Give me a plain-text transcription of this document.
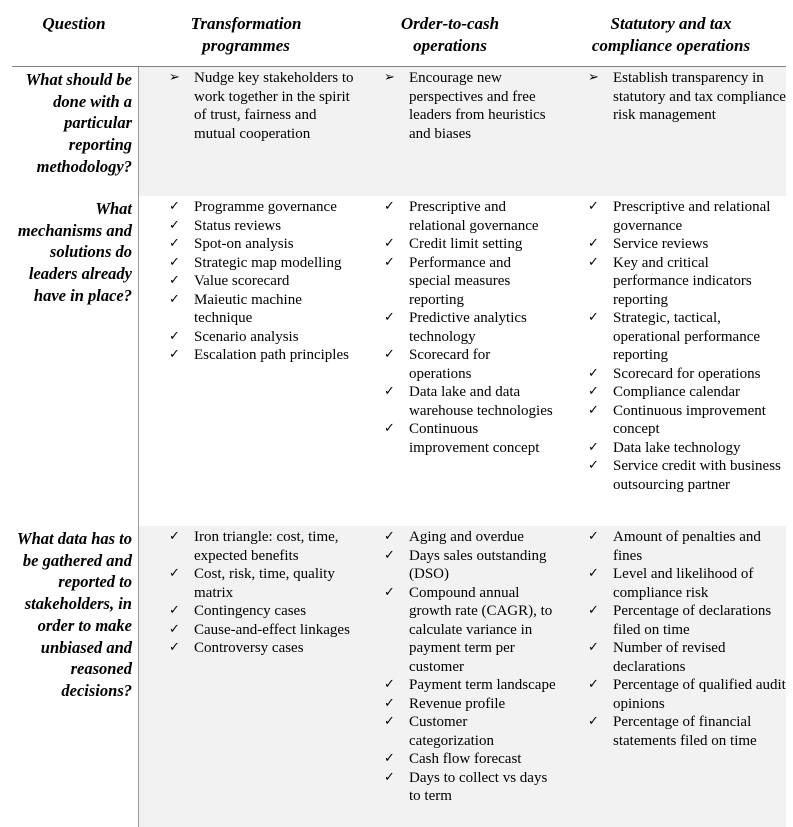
Question	Transformation programmes
Order-to-cash operations
Statutory and tax compliance operations
What should be done with a particular reporting methodology?
➢ Nudge key stakeholders to work together in the spirit of trust, fairness and mutual cooperation
➢ Encourage new perspectives and free leaders from heuristics and biases
➢ Establish transparency in statutory and tax compliance risk management
What mechanisms and solutions do leaders already have in place?
✓ Programme governance
✓ Status reviews
✓ Spot-on analysis
✓ Strategic map modelling
✓ Value scorecard
✓ Maieutic machine technique
✓ Scenario analysis
✓ Escalation path principles
✓ Prescriptive and relational governance
✓ Credit limit setting
✓ Performance and special measures reporting
✓ Predictive analytics technology
✓ Scorecard for operations
✓ Data lake and data warehouse technologies
✓ Continuous improvement concept
✓ Prescriptive and relational governance
✓ Service reviews
✓ Key and critical performance indicators reporting
✓ Strategic, tactical, operational performance reporting
✓ Scorecard for operations
✓ Compliance calendar
✓ Continuous improvement concept
✓ Data lake technology
✓ Service credit with business outsourcing partner
What data has to be gathered and reported to stakeholders, in order to make unbiased and reasoned decisions?
✓ Iron triangle: cost, time, expected benefits
✓ Cost, risk, time, quality matrix
✓ Contingency cases
✓ Cause-and-effect linkages
✓ Controversy cases
✓ Aging and overdue
✓ Days sales outstanding (DSO)
✓ Compound annual growth rate (CAGR), to calculate variance in payment term per customer
✓ Payment term landscape
✓ Revenue profile
✓ Customer categorization
✓ Cash flow forecast
✓ Days to collect vs days to term
✓ Amount of penalties and fines
✓ Level and likelihood of compliance risk
✓ Percentage of declarations filed on time
✓ Number of revised declarations
✓ Percentage of qualified audit opinions
✓ Percentage of financial statements filed on time
